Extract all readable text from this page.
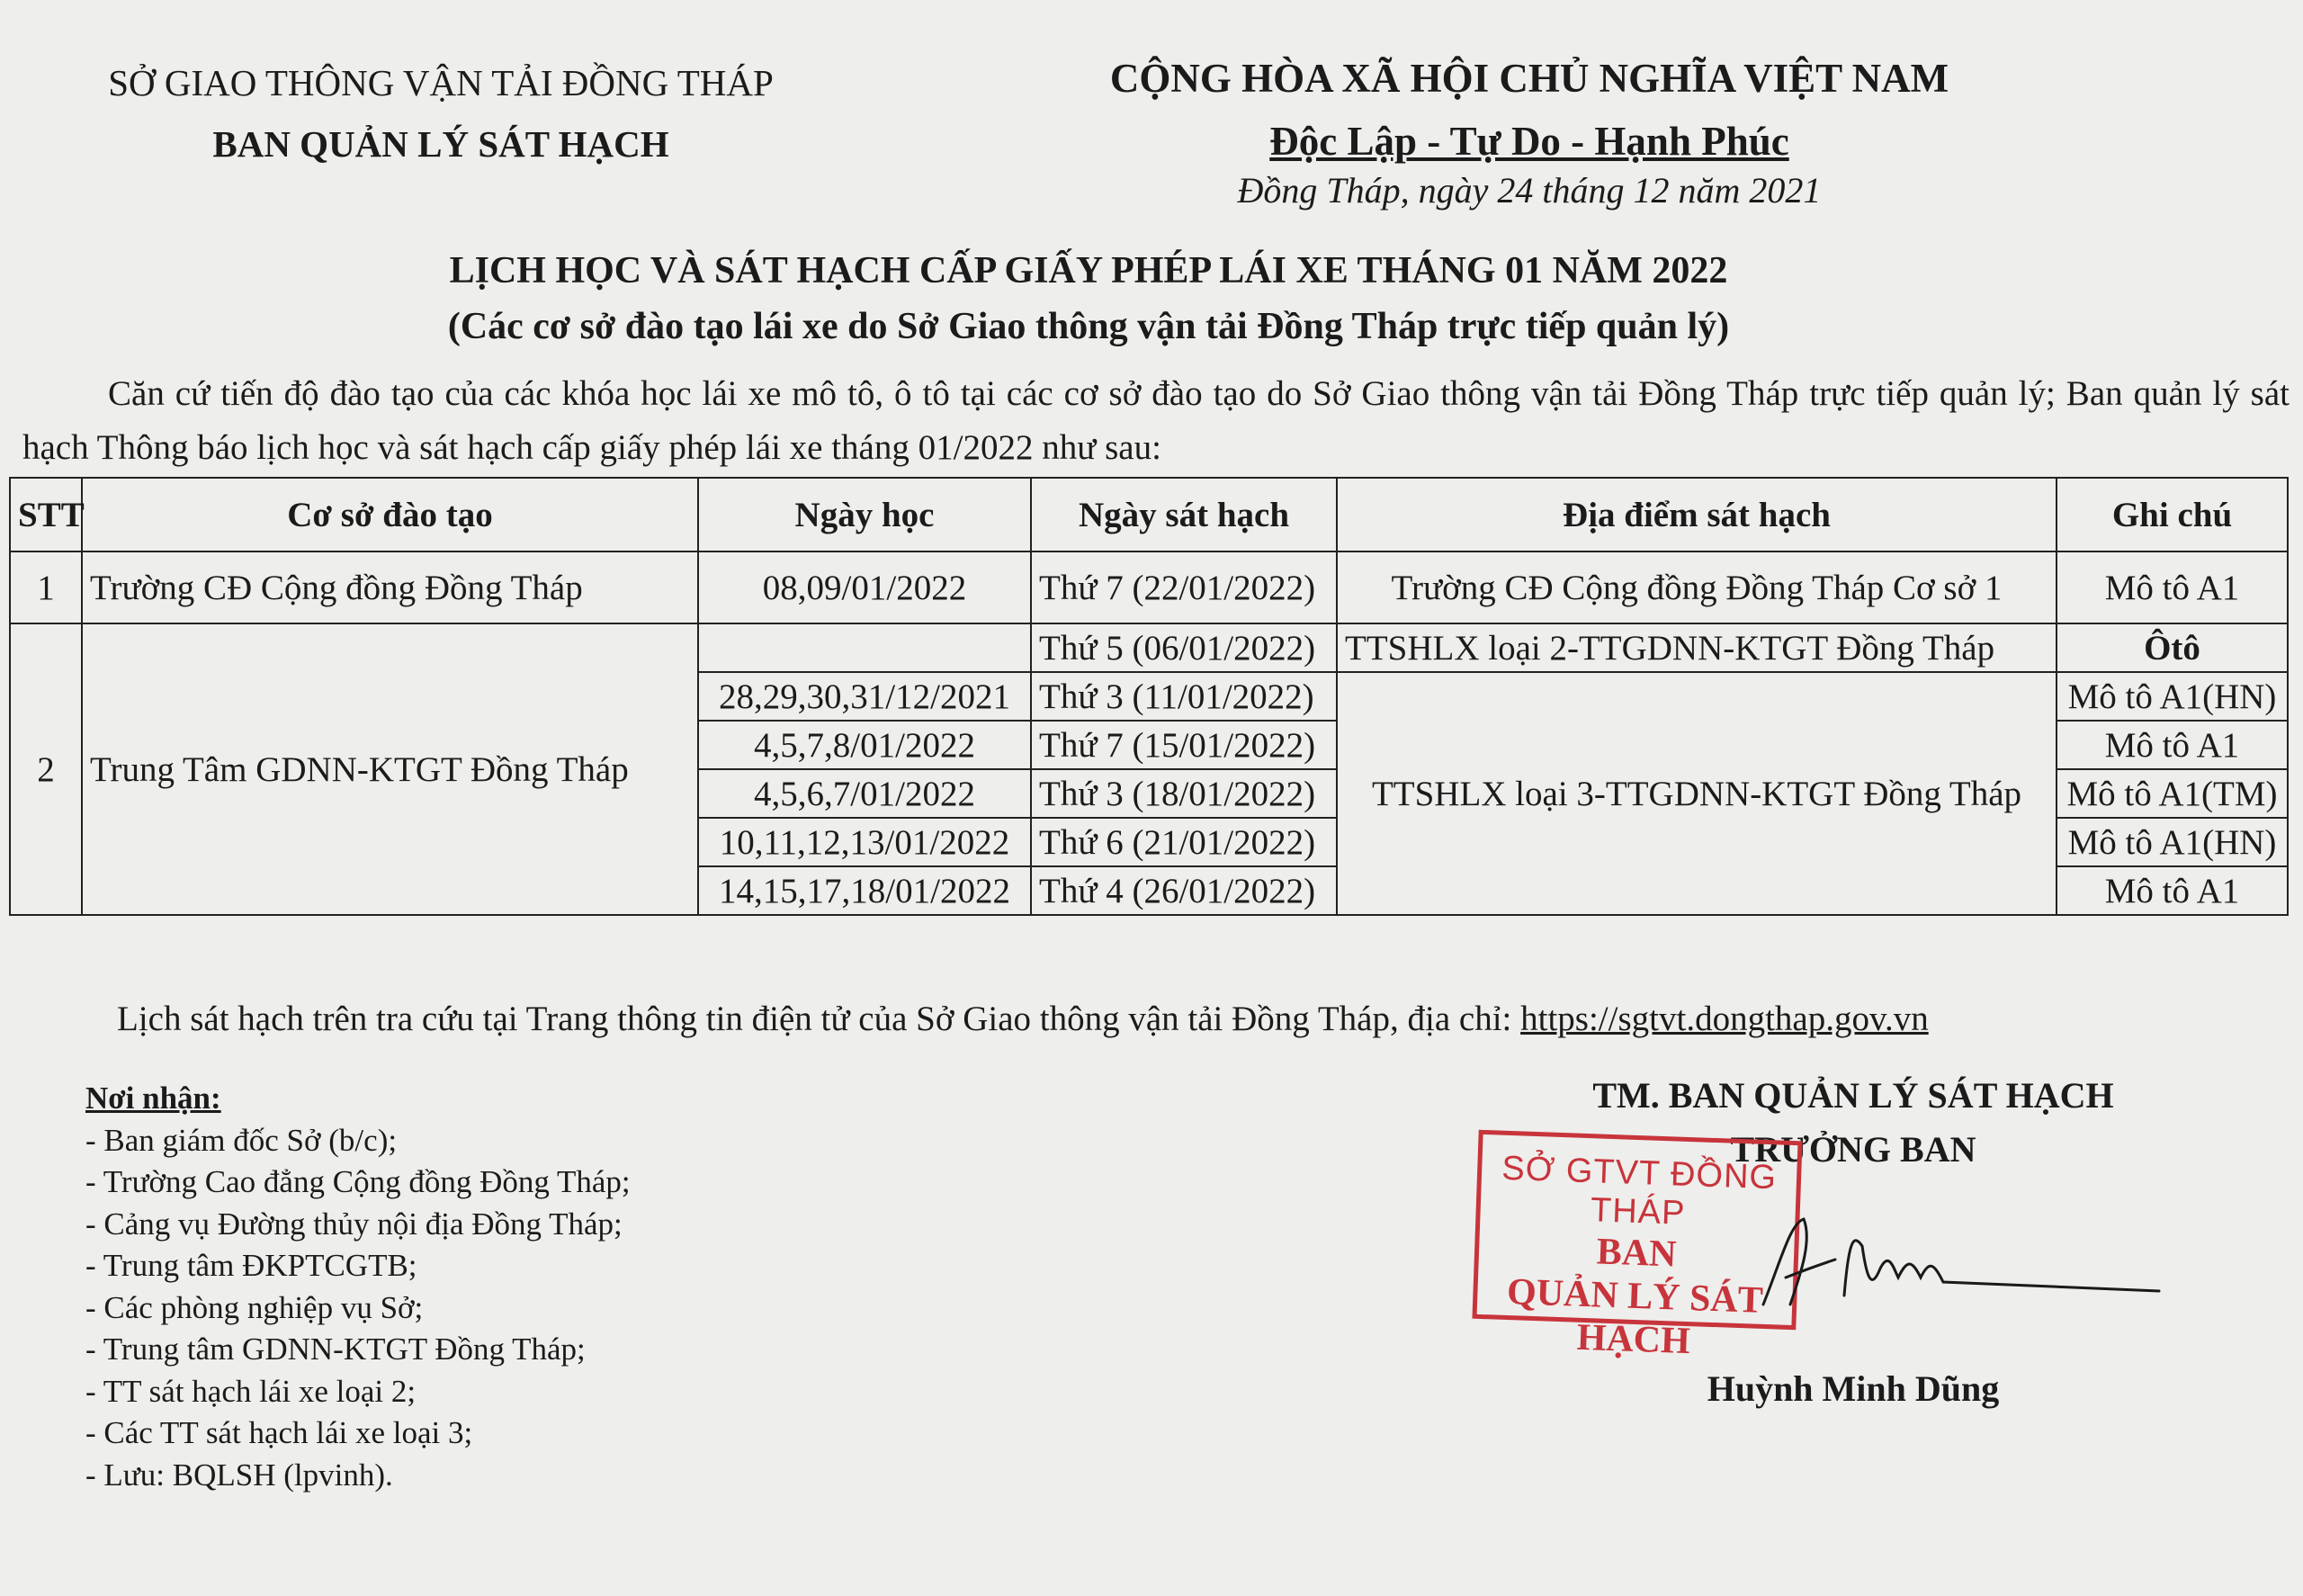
SỞ GIAO THÔNG VẬN TẢI ĐỒNG THÁP
BAN QUẢN LÝ SÁT HẠCH
CỘNG HÒA XÃ HỘI CHỦ NGHĨA VIỆT NAM
Độc Lập - Tự Do - Hạnh Phúc
Đồng Tháp, ngày 24 tháng 12 năm 2021
LỊCH HỌC VÀ SÁT HẠCH CẤP GIẤY PHÉP LÁI XE THÁNG 01 NĂM 2022
(Các cơ sở đào tạo lái xe do Sở Giao thông vận tải Đồng Tháp trực tiếp quản lý)
Căn cứ tiến độ đào tạo của các khóa học lái xe mô tô, ô tô tại các cơ sở đào tạo do Sở Giao thông vận tải Đồng Tháp trực tiếp quản lý; Ban quản lý sát hạch Thông báo lịch học và sát hạch cấp giấy phép lái xe tháng 01/2022 như sau:
STT	Cơ sở đào tạo	Ngày học	Ngày sát hạch	Địa điểm sát hạch	Ghi chú
1	Trường CĐ Cộng đồng Đồng Tháp	08,09/01/2022	Thứ 7 (22/01/2022)	Trường CĐ Cộng đồng Đồng Tháp Cơ sở 1	Mô tô A1
2	Trung Tâm GDNN-KTGT Đồng Tháp		Thứ 5 (06/01/2022)	TTSHLX loại 2-TTGDNN-KTGT Đồng Tháp	Ôtô
		28,29,30,31/12/2021	Thứ 3 (11/01/2022)	TTSHLX loại 3-TTGDNN-KTGT Đồng Tháp	Mô tô A1(HN)
		4,5,7,8/01/2022	Thứ 7 (15/01/2022)		Mô tô A1
		4,5,6,7/01/2022	Thứ 3 (18/01/2022)		Mô tô A1(TM)
		10,11,12,13/01/2022	Thứ 6 (21/01/2022)		Mô tô A1(HN)
		14,15,17,18/01/2022	Thứ 4 (26/01/2022)		Mô tô A1
Lịch sát hạch trên tra cứu tại Trang thông tin điện tử của Sở Giao thông vận tải Đồng Tháp, địa chỉ: https://sgtvt.dongthap.gov.vn
Nơi nhận:
- Ban giám đốc Sở (b/c);
- Trường Cao đẳng Cộng đồng Đồng Tháp;
- Cảng vụ Đường thủy nội địa Đồng Tháp;
- Trung tâm ĐKPTCGTB;
- Các phòng nghiệp vụ Sở;
- Trung tâm GDNN-KTGT Đồng Tháp;
- TT sát hạch lái xe loại 2;
- Các TT sát hạch lái xe loại 3;
- Lưu: BQLSH (lpvinh).
TM. BAN QUẢN LÝ SÁT HẠCH
TRƯỞNG BAN
SỞ GTVT ĐỒNG THÁP
BAN
QUẢN LÝ SÁT HẠCH
Huỳnh Minh Dũng
